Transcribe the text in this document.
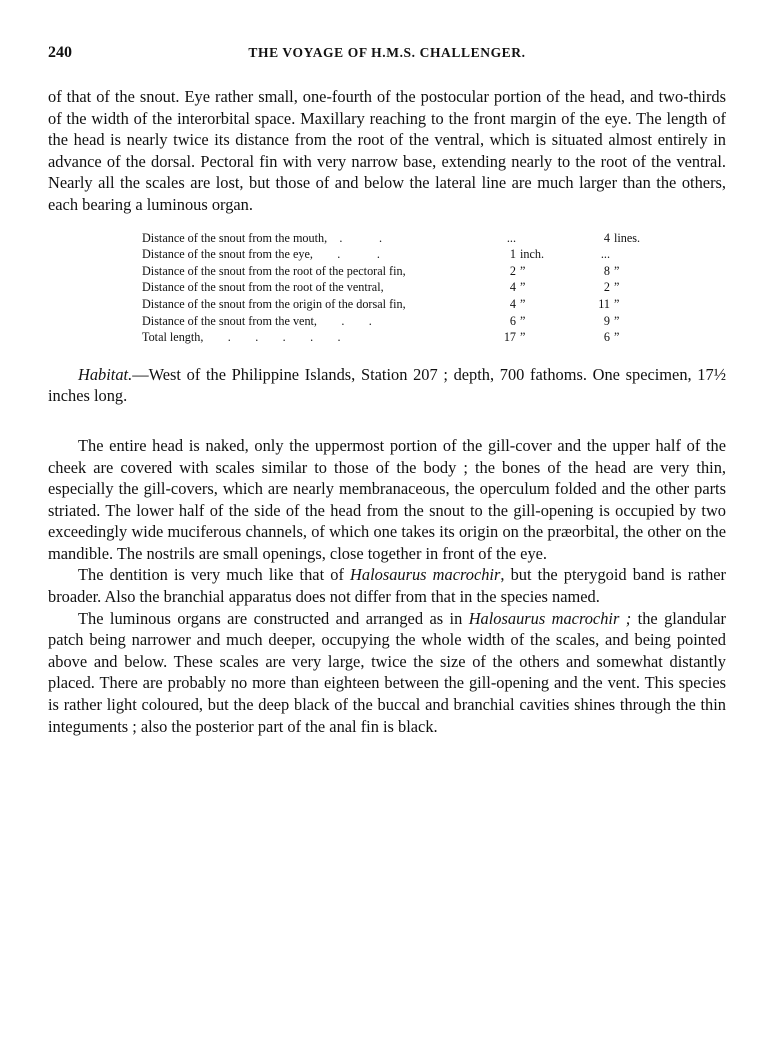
240	THE VOYAGE OF H.M.S. CHALLENGER.

of that of the snout. Eye rather small, one-fourth of the postocular portion of the head, and two-thirds of the width of the interorbital space. Maxillary reaching to the front margin of the eye. The length of the head is nearly twice its distance from the root of the ventral, which is situated almost entirely in advance of the dorsal. Pectoral fin with very narrow base, extending nearly to the root of the ventral. Nearly all the scales are lost, but those of and below the lateral line are much larger than the others, each bearing a luminous organ.

Distance of the snout from the mouth, .   .	...		4	lines.
Distance of the snout from the eye,  .   .	1	inch.	...	
Distance of the snout from the root of the pectoral fin,	2	”	8	”
Distance of the snout from the root of the ventral,	4	”	2	”
Distance of the snout from the origin of the dorsal fin,	4	”	11	”
Distance of the snout from the vent,  .  .	6	”	9	”
Total length,  .  .  .  .  .	17	”	6	”

Habitat.—West of the Philippine Islands, Station 207 ; depth, 700 fathoms. One specimen, 17½ inches long.

The entire head is naked, only the uppermost portion of the gill-cover and the upper half of the cheek are covered with scales similar to those of the body ; the bones of the head are very thin, especially the gill-covers, which are nearly membranaceous, the operculum folded and the other parts striated. The lower half of the side of the head from the snout to the gill-opening is occupied by two exceedingly wide muciferous channels, of which one takes its origin on the præorbital, the other on the mandible. The nostrils are small openings, close together in front of the eye.

The dentition is very much like that of Halosaurus macrochir, but the pterygoid band is rather broader. Also the branchial apparatus does not differ from that in the species named.

The luminous organs are constructed and arranged as in Halosaurus macrochir ; the glandular patch being narrower and much deeper, occupying the whole width of the scales, and being pointed above and below. These scales are very large, twice the size of the others and somewhat distantly placed. There are probably no more than eighteen between the gill-opening and the vent. This species is rather light coloured, but the deep black of the buccal and branchial cavities shines through the thin integuments ; also the posterior part of the anal fin is black.
